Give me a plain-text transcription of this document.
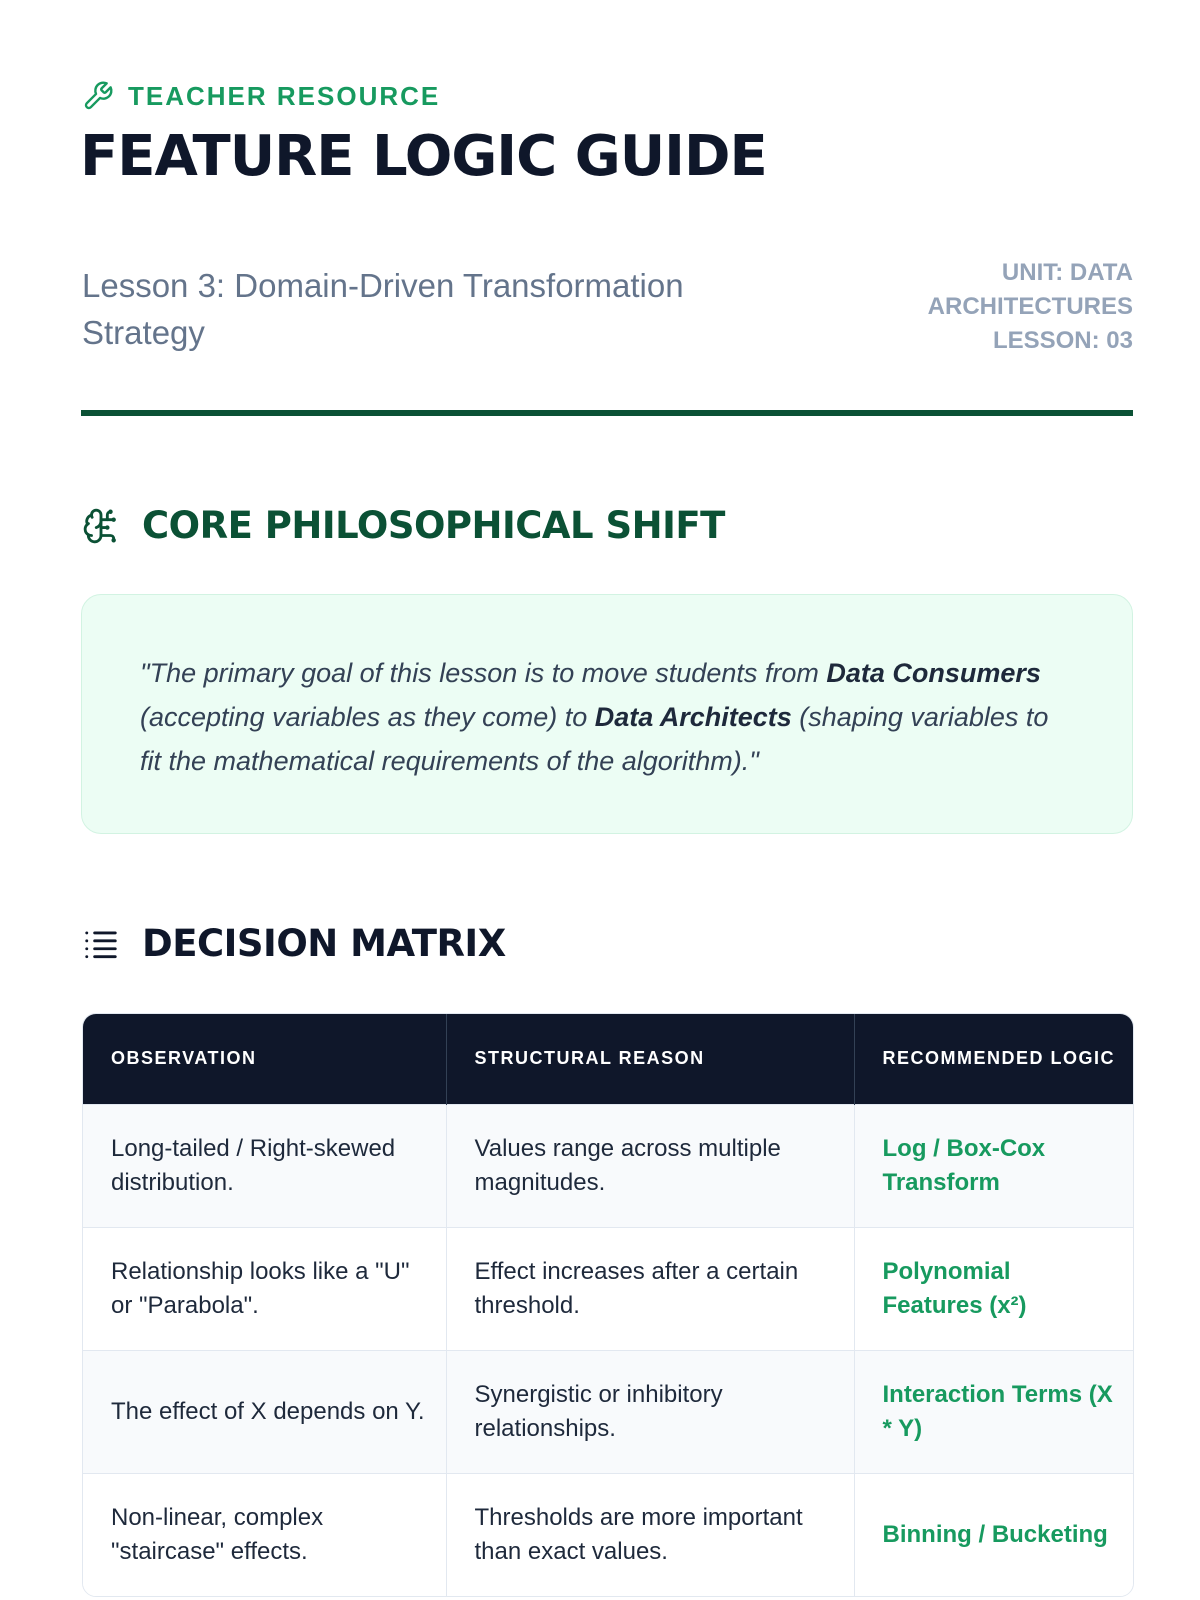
TEACHER RESOURCE
FEATURE LOGIC GUIDE

Lesson 3: Domain-Driven Transformation Strategy

UNIT: DATA
ARCHITECTURES
LESSON: 03
CORE PHILOSOPHICAL SHIFT

"The primary goal of this lesson is to move students from Data Consumers (accepting variables as they come) to Data Architects (shaping variables to fit the mathematical requirements of the algorithm)."

DECISION MATRIX
OBSERVATION	STRUCTURAL REASON	RECOMMENDED LOGIC
Long-tailed / Right-skewed distribution.	Values range across multiple magnitudes.	Log / Box-Cox Transform
Relationship looks like a "U" or "Parabola".	Effect increases after a certain threshold.	Polynomial Features (x²)
The effect of X depends on Y.	Synergistic or inhibitory relationships.	Interaction Terms (X * Y)
Non-linear, complex "staircase" effects.	Thresholds are more important than exact values.	Binning / Bucketing
